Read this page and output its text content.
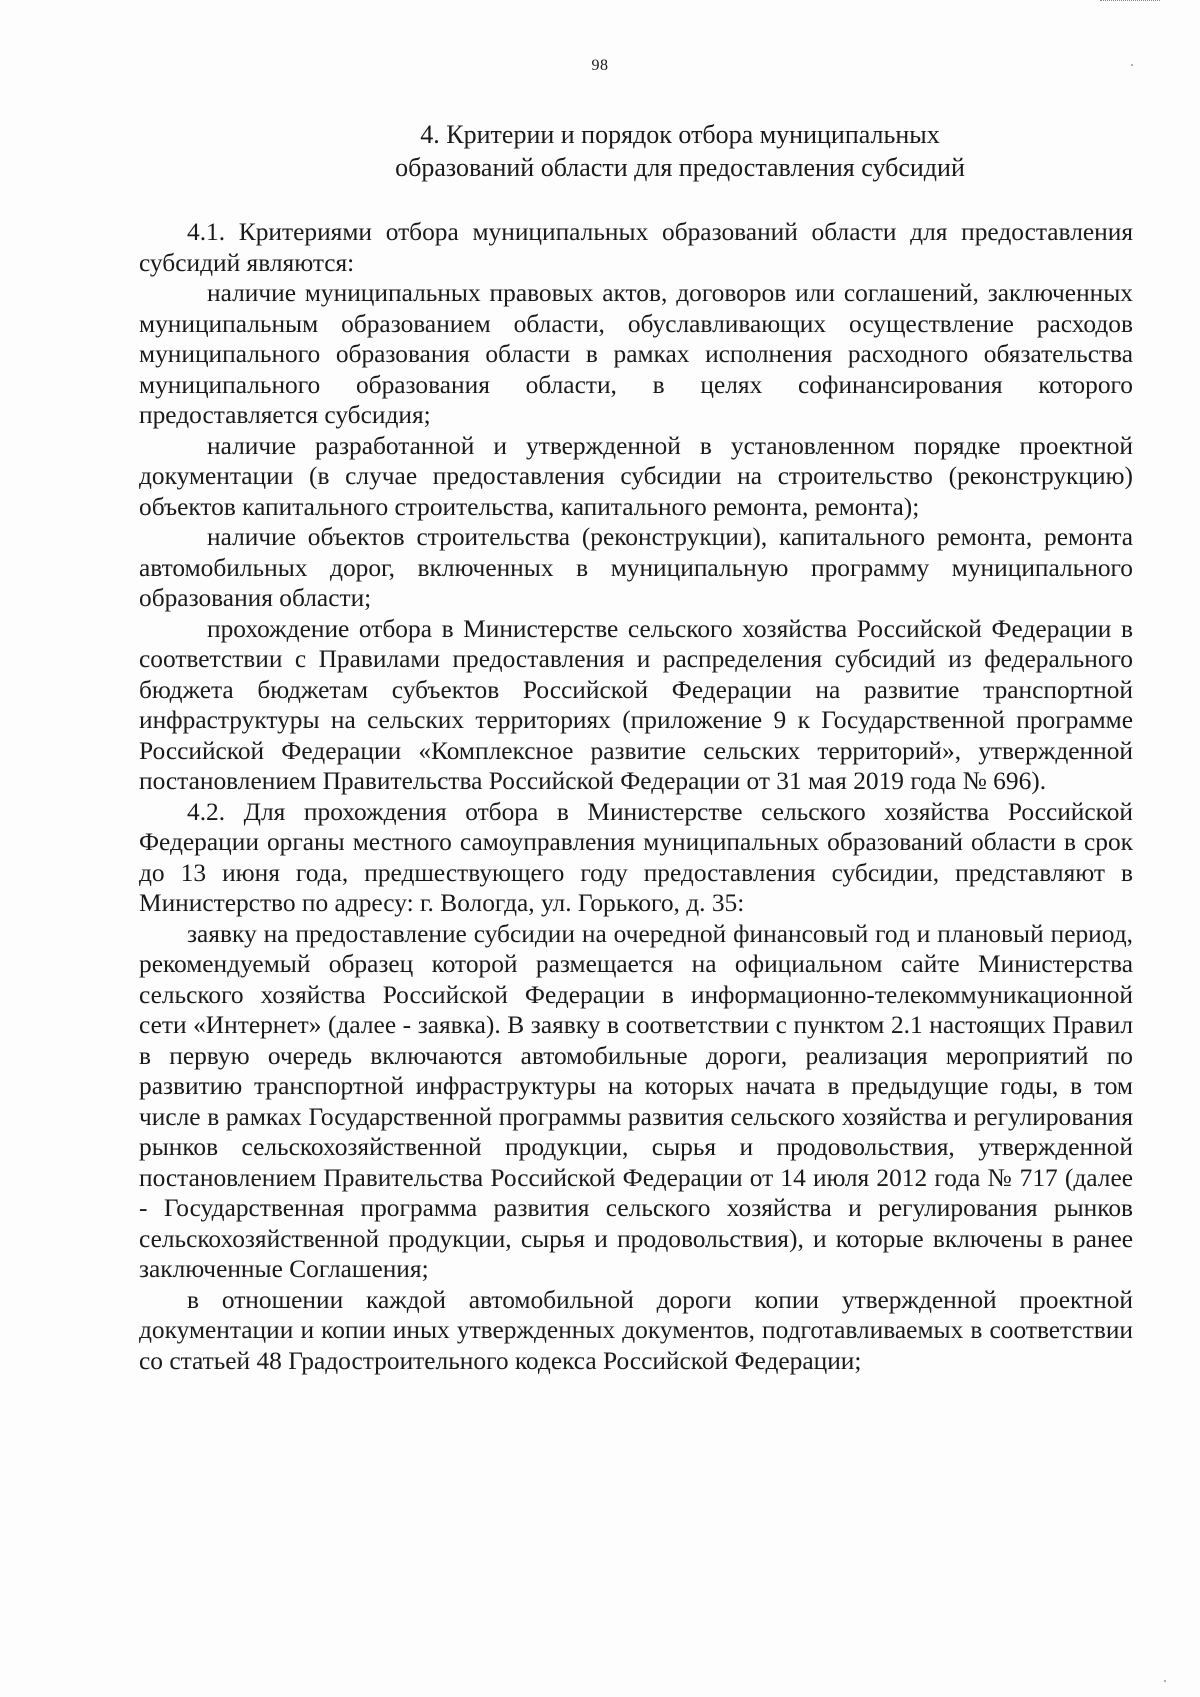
98
4. Критерии и порядок отбора муниципальных
образований области для предоставления субсидий

4.1. Критериями отбора муниципальных образований области для предоставления субсидий являются:

наличие муниципальных правовых актов, договоров или соглашений, заключенных муниципальным образованием области, обуславливающих осуществление расходов муниципального образования области в рамках исполнения расходного обязательства муниципального образования области, в целях софинансирования которого предоставляется субсидия;

наличие разработанной и утвержденной в установленном порядке проектной документации (в случае предоставления субсидии на строительство (реконструкцию) объектов капитального строительства, капитального ремонта, ремонта);

наличие объектов строительства (реконструкции), капитального ремонта, ремонта автомобильных дорог, включенных в муниципальную программу муниципального образования области;

прохождение отбора в Министерстве сельского хозяйства Российской Федерации в соответствии с Правилами предоставления и распределения субсидий из федерального бюджета бюджетам субъектов Российской Федерации на развитие транспортной инфраструктуры на сельских территориях (приложение 9 к Государственной программе Российской Федерации «Комплексное развитие сельских территорий», утвержденной постановлением Правительства Российской Федерации от 31 мая 2019 года № 696).

4.2. Для прохождения отбора в Министерстве сельского хозяйства Российской Федерации органы местного самоуправления муниципальных образований области в срок до 13 июня года, предшествующего году предоставления субсидии, представляют в Министерство по адресу: г. Вологда, ул. Горького, д. 35:

заявку на предоставление субсидии на очередной финансовый год и плановый период, рекомендуемый образец которой размещается на официальном сайте Министерства сельского хозяйства Российской Федерации в информационно-телекоммуникационной сети «Интернет» (далее - заявка). В заявку в соответствии с пунктом 2.1 настоящих Правил в первую очередь включаются автомобильные дороги, реализация мероприятий по развитию транспортной инфраструктуры на которых начата в предыдущие годы, в том числе в рамках Государственной программы развития сельского хозяйства и регулирования рынков сельскохозяйственной продукции, сырья и продовольствия, утвержденной постановлением Правительства Российской Федерации от 14 июля 2012 года № 717 (далее - Государственная программа развития сельского хозяйства и регулирования рынков сельскохозяйственной продукции, сырья и продовольствия), и которые включены в ранее заключенные Соглашения;

в отношении каждой автомобильной дороги копии утвержденной проектной документации и копии иных утвержденных документов, подготавливаемых в соответствии со статьей 48 Градостроительного кодекса Российской Федерации;
